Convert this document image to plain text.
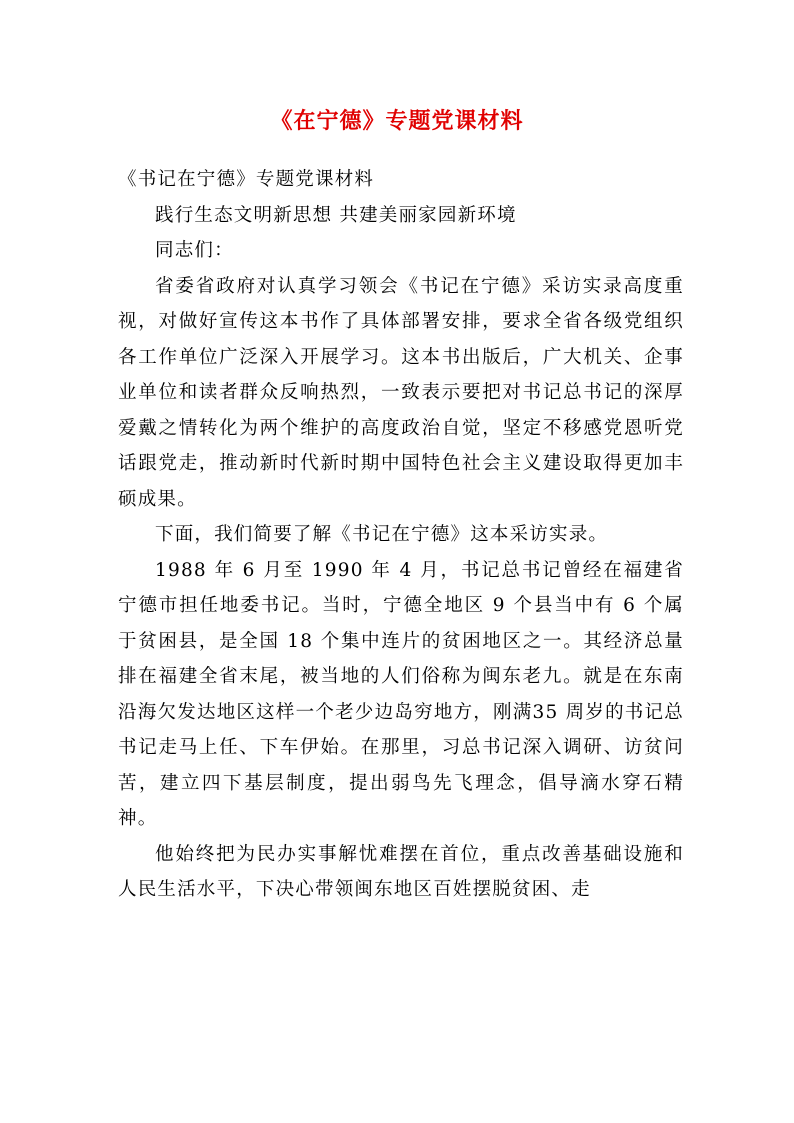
《在宁德》专题党课材料

《书记在宁德》专题党课材料

践行生态文明新思想 共建美丽家园新环境

同志们：

省委省政府对认真学习领会《书记在宁德》采访实录高度重视，对做好宣传这本书作了具体部署安排，要求全省各级党组织各工作单位广泛深入开展学习。这本书出版后，广大机关、企事业单位和读者群众反响热烈，一致表示要把对书记总书记的深厚爱戴之情转化为两个维护的高度政治自觉，坚定不移感党恩听党话跟党走，推动新时代新时期中国特色社会主义建设取得更加丰硕成果。

下面，我们简要了解《书记在宁德》这本采访实录。

1988 年 6 月至 1990 年 4 月，书记总书记曾经在福建省宁德市担任地委书记。当时，宁德全地区 9 个县当中有 6 个属于贫困县，是全国 18 个集中连片的贫困地区之一。其经济总量排在福建全省末尾，被当地的人们俗称为闽东老九。就是在东南沿海欠发达地区这样一个老少边岛穷地方，刚满35 周岁的书记总书记走马上任、下车伊始。在那里，习总书记深入调研、访贫问苦，建立四下基层制度，提出弱鸟先飞理念，倡导滴水穿石精神。

他始终把为民办实事解忧难摆在首位，重点改善基础设施和人民生活水平，下决心带领闽东地区百姓摆脱贫困、走
